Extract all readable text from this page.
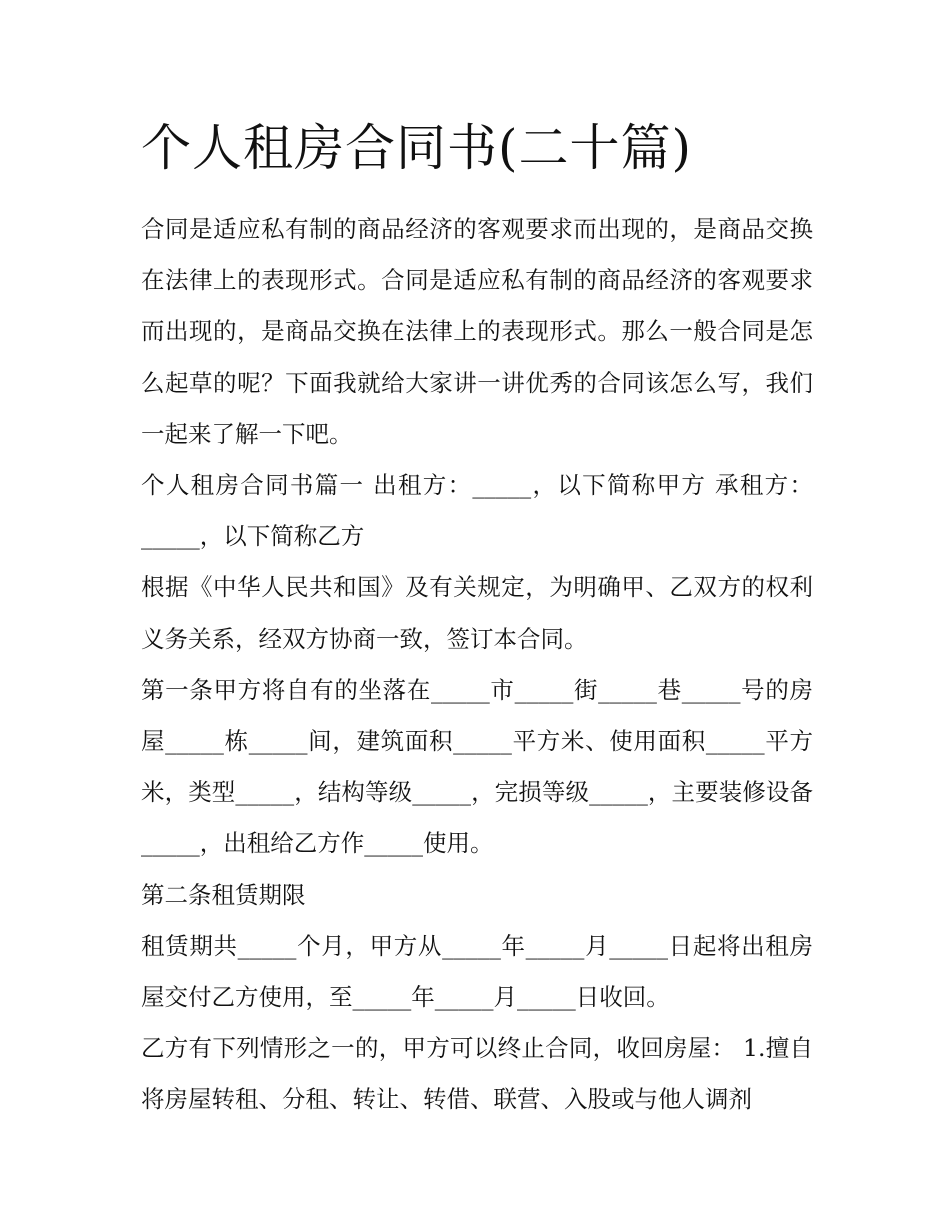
个人租房合同书(二十篇)

合同是适应私有制的商品经济的客观要求而出现的，是商品交换在法律上的表现形式。合同是适应私有制的商品经济的客观要求而出现的，是商品交换在法律上的表现形式。那么一般合同是怎么起草的呢？下面我就给大家讲一讲优秀的合同该怎么写，我们一起来了解一下吧。

个人租房合同书篇一 出租方：_____，以下简称甲方 承租方：_____，以下简称乙方

根据《中华人民共和国》及有关规定，为明确甲、乙双方的权利义务关系，经双方协商一致，签订本合同。

第一条甲方将自有的坐落在_____市_____街_____巷_____号的房屋_____栋_____间，建筑面积_____平方米、使用面积_____平方米，类型_____，结构等级_____，完损等级_____，主要装修设备_____，出租给乙方作_____使用。

第二条租赁期限

租赁期共_____个月，甲方从_____年_____月_____日起将出租房屋交付乙方使用，至_____年_____月_____日收回。

乙方有下列情形之一的，甲方可以终止合同，收回房屋： 1.擅自将房屋转租、分租、转让、转借、联营、入股或与他人调剂
